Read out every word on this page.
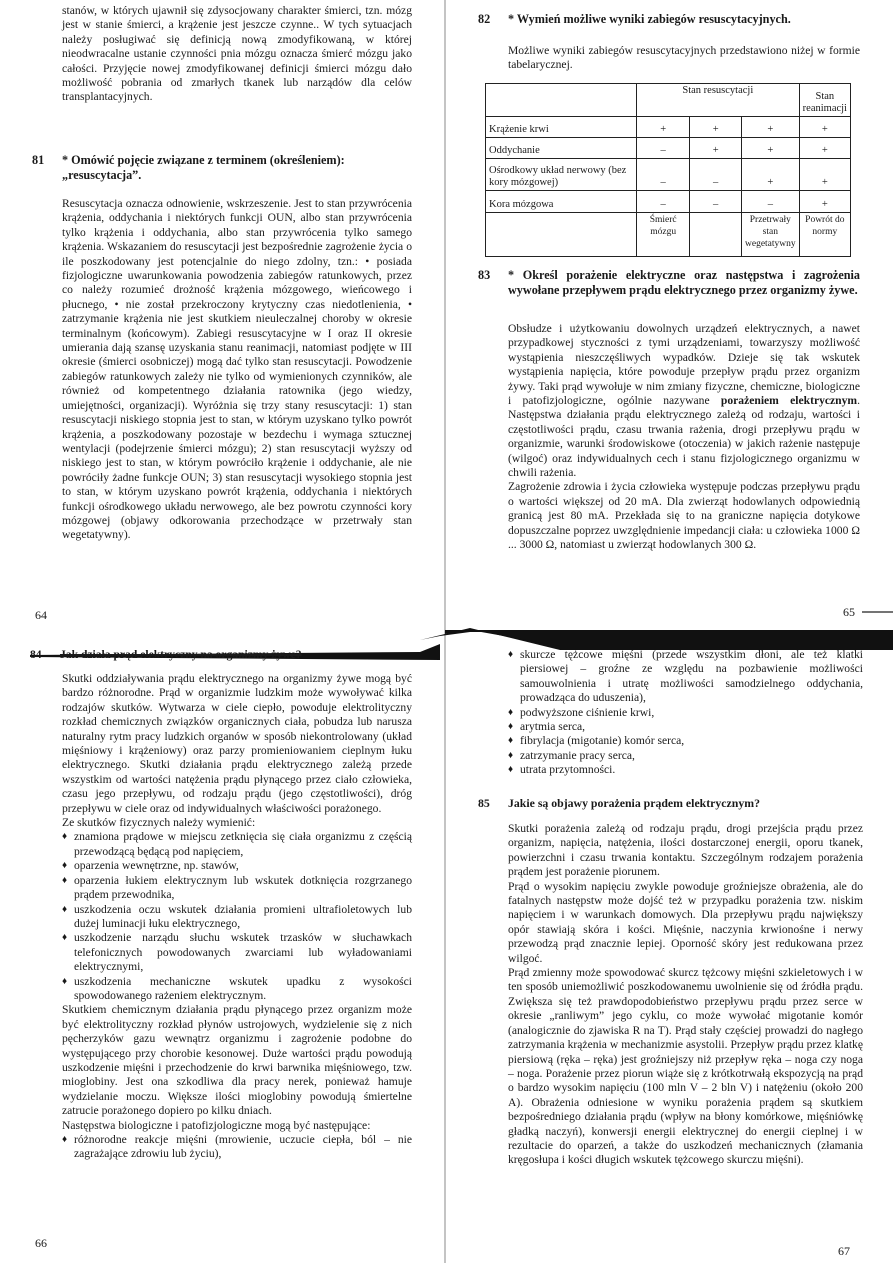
stanów, w których ujawnił się zdysocjowany charakter śmierci, tzn. mózg jest w stanie śmierci, a krążenie jest jeszcze czynne.. W tych sytuacjach należy posługiwać się definicją nową zmodyfikowaną, w której nieodwracalne ustanie czynności pnia mózgu oznacza śmierć mózgu jako całości. Przyjęcie nowej zmodyfikowanej definicji śmierci mózgu dało możliwość pobrania od zmarłych tkanek lub narządów dla celów transplantacyjnych.
81 * Omówić pojęcie związane z terminem (określeniem): „resuscytacja”.
Resuscytacja oznacza odnowienie, wskrzeszenie. Jest to stan przywrócenia krążenia, oddychania i niektórych funkcji OUN, albo stan przywrócenia tylko krążenia i oddychania, albo stan przywrócenia tylko samego krążenia. Wskazaniem do resuscytacji jest bezpośrednie zagrożenie życia o ile poszkodowany jest potencjalnie do niego zdolny, tzn.: • posiada fizjologiczne uwarunkowania powodzenia zabiegów ratunkowych, przez co należy rozumieć drożność krążenia mózgowego, wieńcowego i płucnego, • nie został przekroczony krytyczny czas niedotlenienia, • zatrzymanie krążenia nie jest skutkiem nieuleczalnej choroby w okresie terminalnym (końcowym). Zabiegi resuscytacyjne w I oraz II okresie umierania dają szansę uzyskania stanu reanimacji, natomiast podjęte w III okresie (śmierci osobniczej) mogą dać tylko stan resuscytacji. Powodzenie zabiegów ratunkowych zależy nie tylko od wymienionych czynników, ale również od kompetentnego działania ratownika (jego wiedzy, umiejętności, organizacji). Wyróżnia się trzy stany resuscytacji: 1) stan resuscytacji niskiego stopnia jest to stan, w którym uzyskano tylko powrót krążenia, a poszkodowany pozostaje w bezdechu i wymaga sztucznej wentylacji (podejrzenie śmierci mózgu); 2) stan resuscytacji wyższy od niskiego jest to stan, w którym powróciło krążenie i oddychanie, ale nie powróciły żadne funkcje OUN; 3) stan resuscytacji wysokiego stopnia jest to stan, w którym uzyskano powrót krążenia, oddychania i niektórych funkcji ośrodkowego układu nerwowego, ale bez powrotu czynności kory mózgowej (objawy odkorowania przechodzące w przetrwały stan wegetatywny).
64
82 * Wymień możliwe wyniki zabiegów resuscytacyjnych.
Możliwe wyniki zabiegów resuscytacyjnych przedstawiono niżej w formie tabelarycznej.
	Stan resuscytacji			Stan reanimacji
Krążenie krwi	+	+	+	+
Oddychanie	–	+	+	+
Ośrodkowy układ nerwowy (bez kory mózgowej)	–	–	+	+
Kora mózgowa	–	–	–	+
	Śmierć mózgu		Przetrwały stan wegetatywny	Powrót do normy
83 * Określ porażenie elektryczne oraz następstwa i zagrożenia wywołane przepływem prądu elektrycznego przez organizmy żywe.

Obsłudze i użytkowaniu dowolnych urządzeń elektrycznych, a nawet przypadkowej styczności z tymi urządzeniami, towarzyszy możliwość wystąpienia nieszczęśliwych wypadków. Dzieje się tak wskutek wystąpienia napięcia, które powoduje przepływ prądu przez organizm żywy. Taki prąd wywołuje w nim zmiany fizyczne, chemiczne, biologiczne i patofizjologiczne, ogólnie nazywane porażeniem elektrycznym. Następstwa działania prądu elektrycznego zależą od rodzaju, wartości i częstotliwości prądu, czasu trwania rażenia, drogi przepływu prądu w organizmie, warunki środowiskowe (otoczenia) w jakich rażenie następuje (wilgoć) oraz indywidualnych cech i stanu fizjologicznego organizmu w chwili rażenia.

Zagrożenie zdrowia i życia człowieka występuje podczas przepływu prądu o wartości większej od 20 mA. Dla zwierząt hodowlanych odpowiednią granicą jest 80 mA. Przekłada się to na graniczne napięcia dotykowe dopuszczalne poprzez uwzględnienie impedancji ciała: u człowieka 1000 Ω ... 3000 Ω, natomiast u zwierząt hodowlanych 300 Ω.

65
84 Jak działa prąd elektryczny na organizmy żywe?

Skutki oddziaływania prądu elektrycznego na organizmy żywe mogą być bardzo różnorodne. Prąd w organizmie ludzkim może wywoływać kilka rodzajów skutków. Wytwarza w ciele ciepło, powoduje elektrolityczny rozkład chemicznych związków organicznych ciała, pobudza lub narusza naturalny rytm pracy ludzkich organów w sposób niekontrolowany (układ mięśniowy i krążeniowy) oraz parzy promieniowaniem cieplnym łuku elektrycznego. Skutki działania prądu elektrycznego zależą przede wszystkim od wartości natężenia prądu płynącego przez ciało człowieka, czasu jego przepływu, od rodzaju prądu (jego częstotliwości), dróg przepływu w ciele oraz od indywidualnych właściwości porażonego.

Ze skutków fizycznych należy wymienić:

♦ znamiona prądowe w miejscu zetknięcia się ciała organizmu z częścią przewodzącą będącą pod napięciem,
♦ oparzenia wewnętrzne, np. stawów,
♦ oparzenia łukiem elektrycznym lub wskutek dotknięcia rozgrzanego prądem przewodnika,
♦ uszkodzenia oczu wskutek działania promieni ultrafioletowych lub dużej luminacji łuku elektrycznego,
♦ uszkodzenie narządu słuchu wskutek trzasków w słuchawkach telefonicznych powodowanych zwarciami lub wyładowaniami elektrycznymi,
♦ uszkodzenia mechaniczne wskutek upadku z wysokości spowodowanego rażeniem elektrycznym.

Skutkiem chemicznym działania prądu płynącego przez organizm może być elektrolityczny rozkład płynów ustrojowych, wydzielenie się z nich pęcherzyków gazu wewnątrz organizmu i zagrożenie podobne do występującego przy chorobie kesonowej. Duże wartości prądu powodują uszkodzenie mięśni i przechodzenie do krwi barwnika mięśniowego, tzw. mioglobiny. Jest ona szkodliwa dla pracy nerek, ponieważ hamuje wydzielanie moczu. Większe ilości mioglobiny powodują śmiertelne zatrucie porażonego dopiero po kilku dniach.

Następstwa biologiczne i patofizjologiczne mogą być następujące:

♦ różnorodne reakcje mięśni (mrowienie, uczucie ciepła, ból – nie zagrażające zdrowiu lub życiu),
66
♦ skurcze tężcowe mięśni (przede wszystkim dłoni, ale też klatki piersiowej – groźne ze względu na pozbawienie możliwości samouwolnienia i utratę możliwości samodzielnego oddychania, prowadząca do uduszenia),
♦ podwyższone ciśnienie krwi,
♦ arytmia serca,
♦ fibrylacja (migotanie) komór serca,
♦ zatrzymanie pracy serca,
♦ utrata przytomności.
85 Jakie są objawy porażenia prądem elektrycznym?

Skutki porażenia zależą od rodzaju prądu, drogi przejścia prądu przez organizm, napięcia, natężenia, ilości dostarczonej energii, oporu tkanek, powierzchni i czasu trwania kontaktu. Szczególnym rodzajem porażenia prądem jest porażenie piorunem.

Prąd o wysokim napięciu zwykle powoduje groźniejsze obrażenia, ale do fatalnych następstw może dojść też w przypadku porażenia tzw. niskim napięciem i w warunkach domowych. Dla przepływu prądu największy opór stawiają skóra i kości. Mięśnie, naczynia krwionośne i nerwy przewodzą prąd znacznie lepiej. Oporność skóry jest redukowana przez wilgoć.

Prąd zmienny może spowodować skurcz tężcowy mięśni szkieletowych i w ten sposób uniemożliwić poszkodowanemu uwolnienie się od źródła prądu. Zwiększa się też prawdopodobieństwo przepływu prądu przez serce w okresie „ranliwym” jego cyklu, co może wywołać migotanie komór (analogicznie do zjawiska R na T). Prąd stały częściej prowadzi do nagłego zatrzymania krążenia w mechanizmie asystolii. Przepływ prądu przez klatkę piersiową (ręka – ręka) jest groźniejszy niż przepływ ręka – noga czy noga – noga. Porażenie przez piorun wiąże się z krótkotrwałą ekspozycją na prąd o bardzo wysokim napięciu (100 mln V – 2 bln V) i natężeniu (około 200 A). Obrażenia odniesione w wyniku porażenia prądem są skutkiem bezpośredniego działania prądu (wpływ na błony komórkowe, mięśniówkę gładką naczyń), konwersji energii elektrycznej do energii cieplnej i w rezultacie do oparzeń, a także do uszkodzeń mechanicznych (złamania kręgosłupa i kości długich wskutek tężcowego skurczu mięśni).

67
